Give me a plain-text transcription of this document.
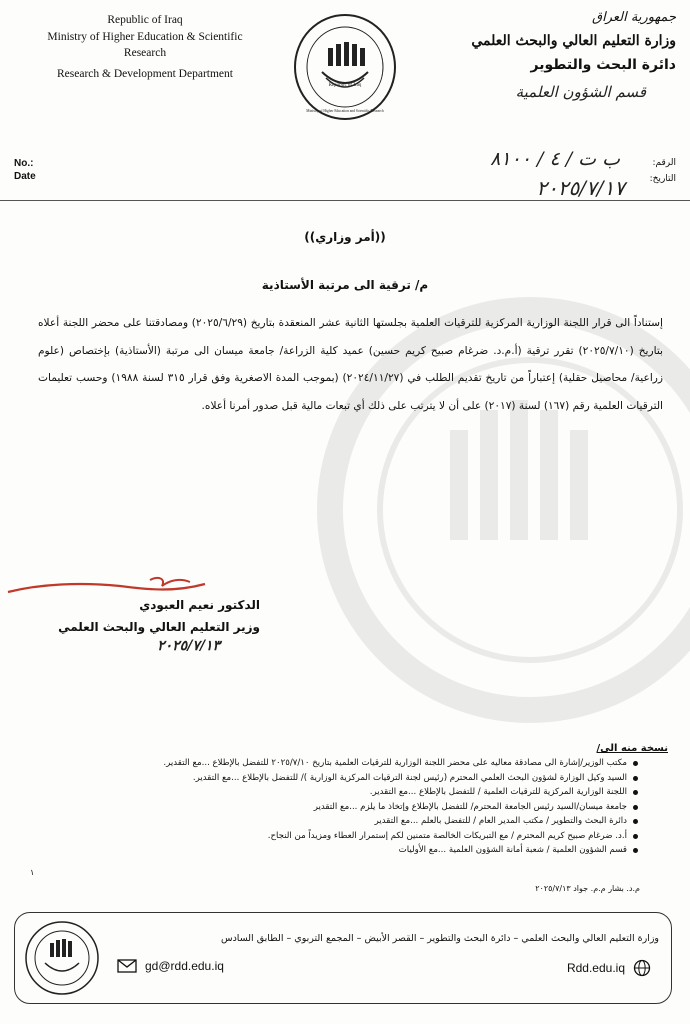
Republic of Iraq
Ministry of Higher Education & Scientific
Research
Research & Development Department
Republic of Iraq
Ministry of Higher Education and Scientific Research
جمهورية العراق
وزارة التعليم العالي والبحث العلمي
دائرة البحث والتطوير
قسم الشؤون العلمية
No.:
Date
الرقم:
التاريخ:
ب ت / ٤ / ٨١٠٠
٢٠٢٥/٧/١٧
((أمر وزاري))
م/ ترقية الى مرتبة الأستاذية
إستناداً الى قرار اللجنة الوزارية المركزية للترقيات العلمية بجلستها الثانية عشر المنعقدة بتاريخ (٢٠٢٥/٦/٢٩) ومصادقتنا على محضر اللجنة أعلاه بتاريخ (٢٠٢٥/٧/١٠) تقرر ترقية (أ.م.د. ضرغام صبيح كريم حسين) عميد كلية الزراعة/ جامعة ميسان الى مرتبة (الأستاذية) بإختصاص (علوم زراعية/ محاصيل حقلية) إعتباراً من تاريخ تقديم الطلب في (٢٠٢٤/١١/٢٧) (بموجب المدة الاصغرية وفق قرار ٣١٥ لسنة ١٩٨٨) وحسب تعليمات الترقيات العلمية رقم (١٦٧) لسنة (٢٠١٧) على أن لا يترتب على ذلك أي تبعات مالية قبل صدور أمرنا أعلاه.
الدكتور نعيم العبودي
وزير التعليم العالي والبحث العلمي
٢٠٢٥/٧/١٣
نسخة منه الى/
مكتب الوزير/إشارة الى مصادقة معاليه على محضر اللجنة الوزارية للترقيات العلمية بتاريخ ٢٠٢٥/٧/١٠ للتفضل بالإطلاع ...مع التقدير.
السيد وكيل الوزارة لشؤون البحث العلمي المحترم (رئيس لجنة الترقيات المركزية الوزارية )/ للتفضل بالإطلاع ...مع التقدير.
اللجنة الوزارية المركزية للترقيات العلمية / للتفضل بالإطلاع ...مع التقدير.
جامعة ميسان/السيد رئيس الجامعة المحترم/ للتفضل بالإطلاع وإتخاذ ما يلزم ...مع التقدير
دائرة البحث والتطوير / مكتب المدير العام / للتفضل بالعلم ...مع التقدير
أ.د. ضرغام صبيح كريم المحترم / مع التبريكات الخالصة متمنين لكم إستمرار العطاء ومزيداً من النجاح.
قسم الشؤون العلمية / شعبة أمانة الشؤون العلمية ...مع الأوليات
م.د. بشار م.م. جواد ٢٠٢٥/٧/١٣
١
وزارة التعليم العالي والبحث العلمي – دائرة البحث والتطوير – القصر الأبيض – المجمع التربوي – الطابق السادس
Rdd.edu.iq
gd@rdd.edu.iq
